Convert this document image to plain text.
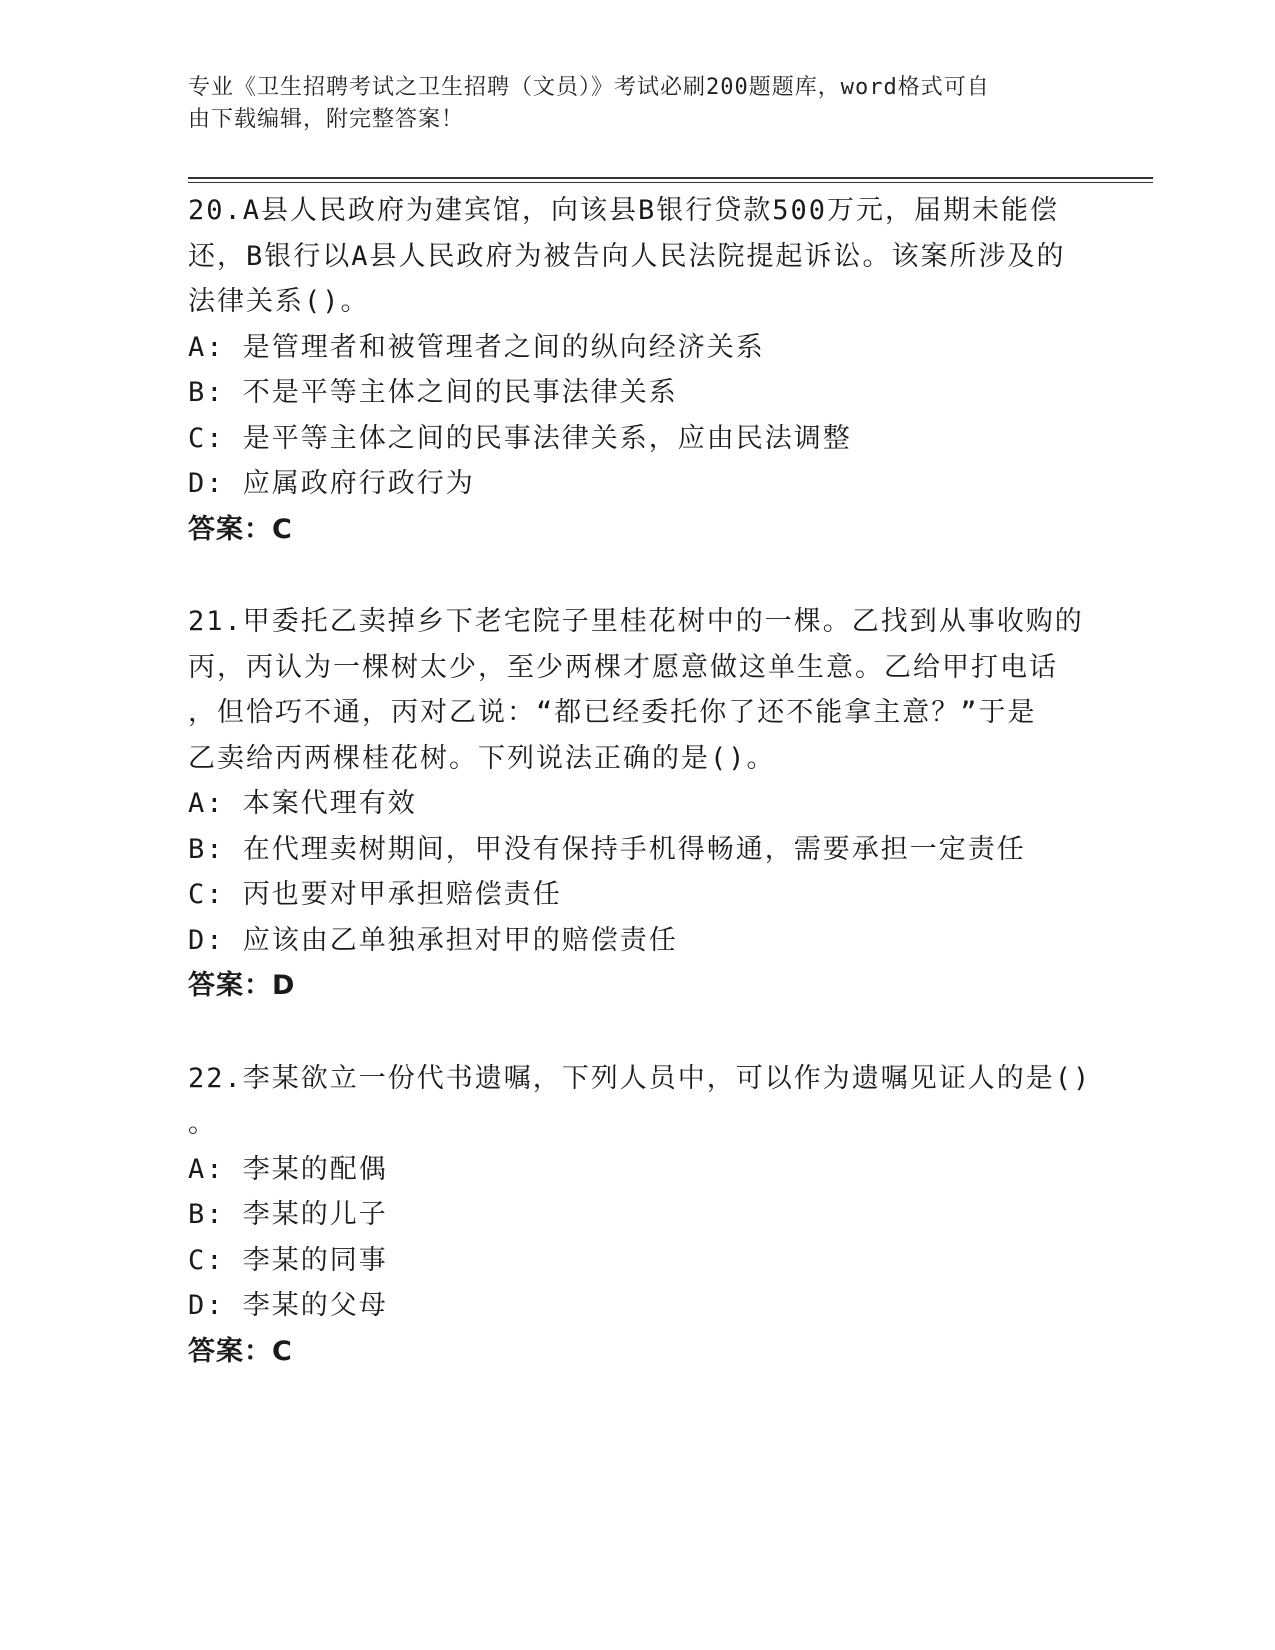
专业《卫生招聘考试之卫生招聘（文员）》考试必刷200题题库，word格式可自
由下载编辑，附完整答案！
20.A县人民政府为建宾馆，向该县B银行贷款500万元，届期未能偿
还，B银行以A县人民政府为被告向人民法院提起诉讼。该案所涉及的
法律关系()。
A: 是管理者和被管理者之间的纵向经济关系
B: 不是平等主体之间的民事法律关系
C: 是平等主体之间的民事法律关系，应由民法调整
D: 应属政府行政行为
答案：C
21.甲委托乙卖掉乡下老宅院子里桂花树中的一棵。乙找到从事收购的
丙，丙认为一棵树太少，至少两棵才愿意做这单生意。乙给甲打电话
，但恰巧不通，丙对乙说：“都已经委托你了还不能拿主意？”于是
乙卖给丙两棵桂花树。下列说法正确的是()。
A: 本案代理有效
B: 在代理卖树期间，甲没有保持手机得畅通，需要承担一定责任
C: 丙也要对甲承担赔偿责任
D: 应该由乙单独承担对甲的赔偿责任
答案：D
22.李某欲立一份代书遗嘱，下列人员中，可以作为遗嘱见证人的是()
。
A: 李某的配偶
B: 李某的儿子
C: 李某的同事
D: 李某的父母
答案：C
